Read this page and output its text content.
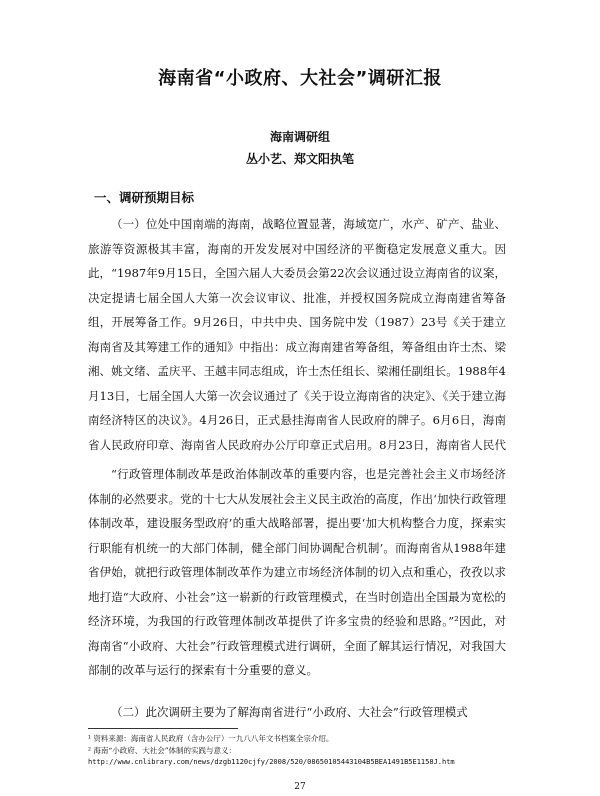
海南省“小政府、大社会”调研汇报
海南调研组
丛小艺、郑文阳执笔
一、调研预期目标

（一）位处中国南端的海南，战略位置显著，海域宽广，水产、矿产、盐业、旅游等资源极其丰富，海南的开发发展对中国经济的平衡稳定发展意义重大。因此，“1987年9月15日，全国六届人大委员会第22次会议通过设立海南省的议案，决定提请七届全国人大第一次会议审议、批准，并授权国务院成立海南建省筹备组，开展筹备工作。9月26日，中共中央、国务院中发（1987）23号《关于建立海南省及其筹建工作的通知》中指出：成立海南建省筹备组，筹备组由许士杰、梁湘、姚文绪、孟庆平、王越丰同志组成，许士杰任组长、梁湘任副组长。1988年4月13日，七届全国人大第一次会议通过了《关于设立海南省的决定》、《关于建立海南经济特区的决议》。4月26日，正式悬挂海南省人民政府的牌子。6月6日，海南省人民政府印章、海南省人民政府办公厅印章正式启用。8月23日，海南省人民代

“行政管理体制改革是政治体制改革的重要内容，也是完善社会主义市场经济体制的必然要求。党的十七大从发展社会主义民主政治的高度，作出‘加快行政管理体制改革，建设服务型政府’的重大战略部署，提出要‘加大机构整合力度，探索实行职能有机统一的大部门体制，健全部门间协调配合机制’。而海南省从1988年建省伊始，就把行政管理体制改革作为建立市场经济体制的切入点和重心，孜孜以求地打造“大政府、小社会”这一崭新的行政管理模式，在当时创造出全国最为宽松的经济环境，为我国的行政管理体制改革提供了许多宝贵的经验和思路。”²因此，对海南省“小政府、大社会”行政管理模式进行调研，全面了解其运行情况，对我国大部制的改革与运行的探索有十分重要的意义。

（二）此次调研主要为了解海南省进行“小政府、大社会”行政管理模式

¹ 资料来源：海南省人民政府（含办公厅）一九八八年文书档案全宗介绍。
² 海南“小政府、大社会”体制的实践与意义：
http://www.cnlibrary.com/news/dzgb1120cjfy/2008/520/08650105443104B5BEA1491B5E1158J.htm
27
